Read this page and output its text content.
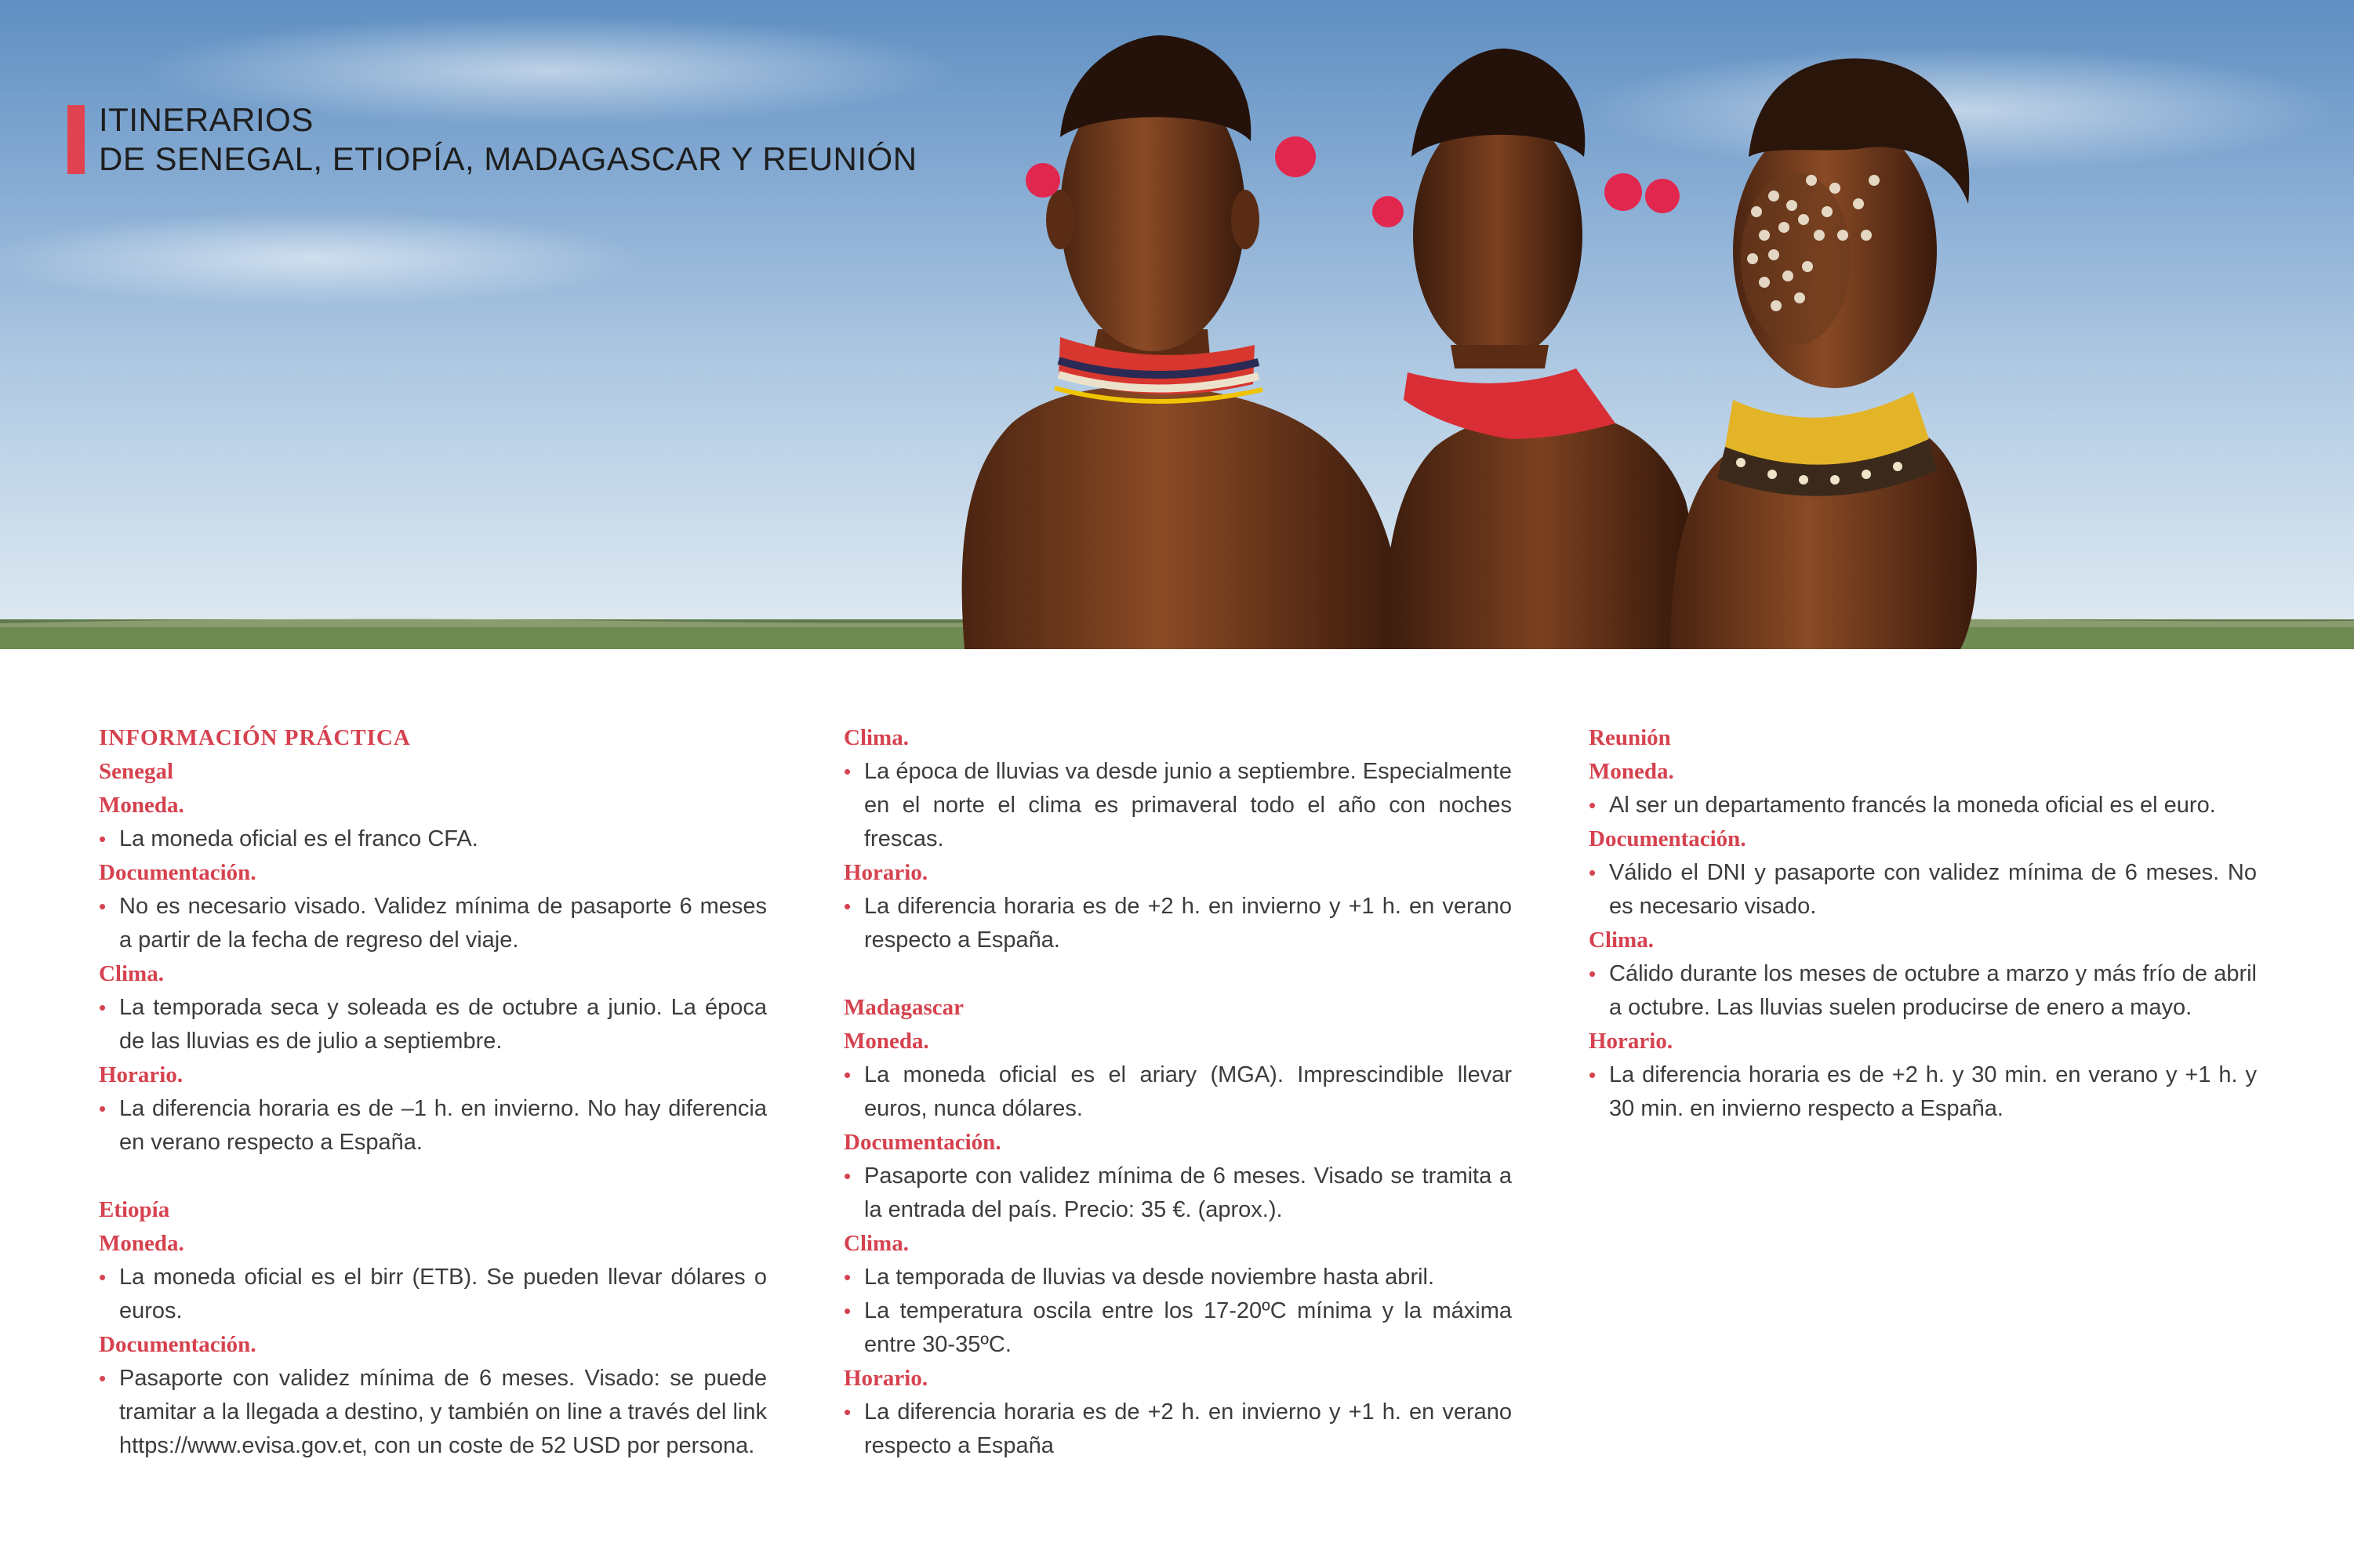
ITINERARIOS
DE SENEGAL, ETIOPÍA, MADAGASCAR Y REUNIÓN
INFORMACIÓN PRÁCTICA
Senegal
Moneda.
• La moneda oficial es el franco CFA.
Documentación.
• No es necesario visado. Validez mínima de pasaporte 6 meses a partir de la fecha de regreso del viaje.
Clima.
• La temporada seca y soleada es de octubre a junio. La época de las lluvias es de julio a septiembre.
Horario.
• La diferencia horaria es de –1 h. en invierno. No hay diferencia en verano respecto a España.
Etiopía
Moneda.
• La moneda oficial es el birr (ETB). Se pueden llevar dólares o euros.
Documentación.
• Pasaporte con validez mínima de 6 meses. Visado: se puede tramitar a la llegada a destino, y también on line a través del link https://www.evisa.gov.et, con un coste de 52 USD por persona.
Clima.
• La época de lluvias va desde junio a septiembre. Especialmente en el norte el clima es primaveral todo el año con noches frescas.
Horario.
• La diferencia horaria es de +2 h. en invierno y +1 h. en verano respecto a España.
Madagascar
Moneda.
• La moneda oficial es el ariary (MGA). Imprescindible llevar euros, nunca dólares.
Documentación.
• Pasaporte con validez mínima de 6 meses. Visado se tramita a la entrada del país. Precio: 35 €. (aprox.).
Clima.
• La temporada de lluvias va desde noviembre hasta abril.
• La temperatura oscila entre los 17-20ºC mínima y la máxima entre 30-35ºC.
Horario.
• La diferencia horaria es de +2 h. en invierno y +1 h. en verano respecto a España
Reunión
Moneda.
• Al ser un departamento francés la moneda oficial es el euro.
Documentación.
• Válido el DNI y pasaporte con validez mínima de 6 meses. No es necesario visado.
Clima.
• Cálido durante los meses de octubre a marzo y más frío de abril a octubre. Las lluvias suelen producirse de enero a mayo.
Horario.
• La diferencia horaria es de +2 h. y 30 min. en verano y +1 h. y 30 min. en invierno respecto a España.
